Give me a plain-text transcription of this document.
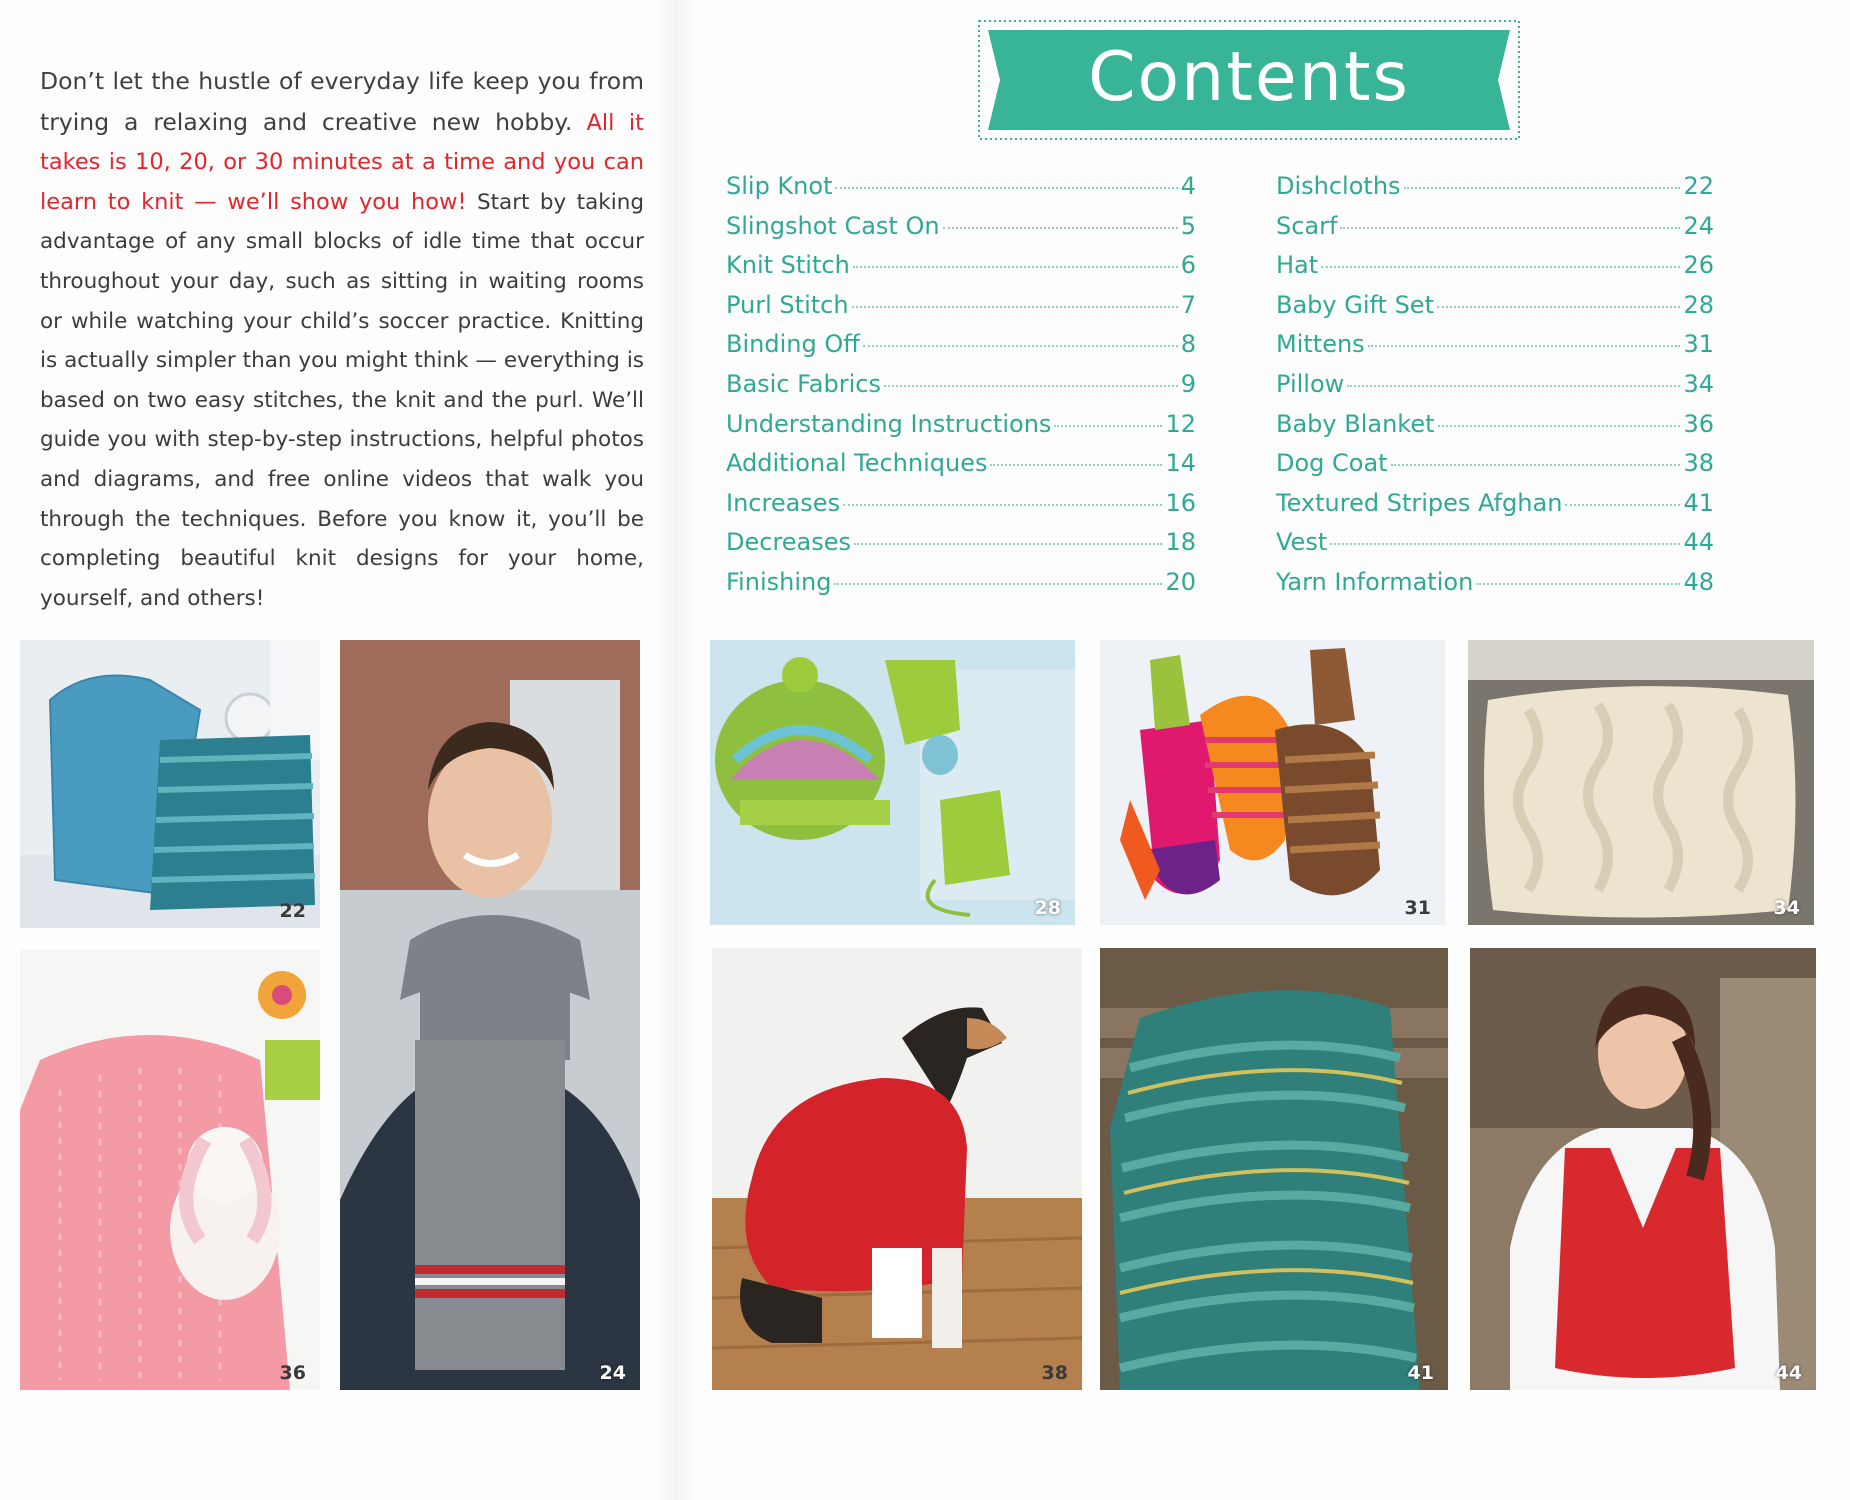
Don’t let the hustle of everyday life keep you from trying a relaxing and creative new hobby. All it takes is 10, 20, or 30 minutes at a time and you can learn to knit — we’ll show you how! Start by taking advantage of any small blocks of idle time that occur throughout your day, such as sitting in waiting rooms or while watching your child’s soccer practice. Knitting is actually simpler than you might think — everything is based on two easy stitches, the knit and the purl. We’ll guide you with step-by-step instructions, helpful photos and diagrams, and free online videos that walk you through the techniques. Before you know it, you’ll be completing beautiful knit designs for your home, yourself, and others!
Contents
Slip Knot	4
Slingshot Cast On	5
Knit Stitch	6
Purl Stitch	7
Binding Off	8
Basic Fabrics	9
Understanding Instructions	12
Additional Techniques	14
Increases	16
Decreases	18
Finishing	20
Dishcloths	22
Scarf	24
Hat	26
Baby Gift Set	28
Mittens	31
Pillow	34
Baby Blanket	36
Dog Coat	38
Textured Stripes Afghan	41
Vest	44
Yarn Information	48
22
36	24
28	31	34
38	41	44
